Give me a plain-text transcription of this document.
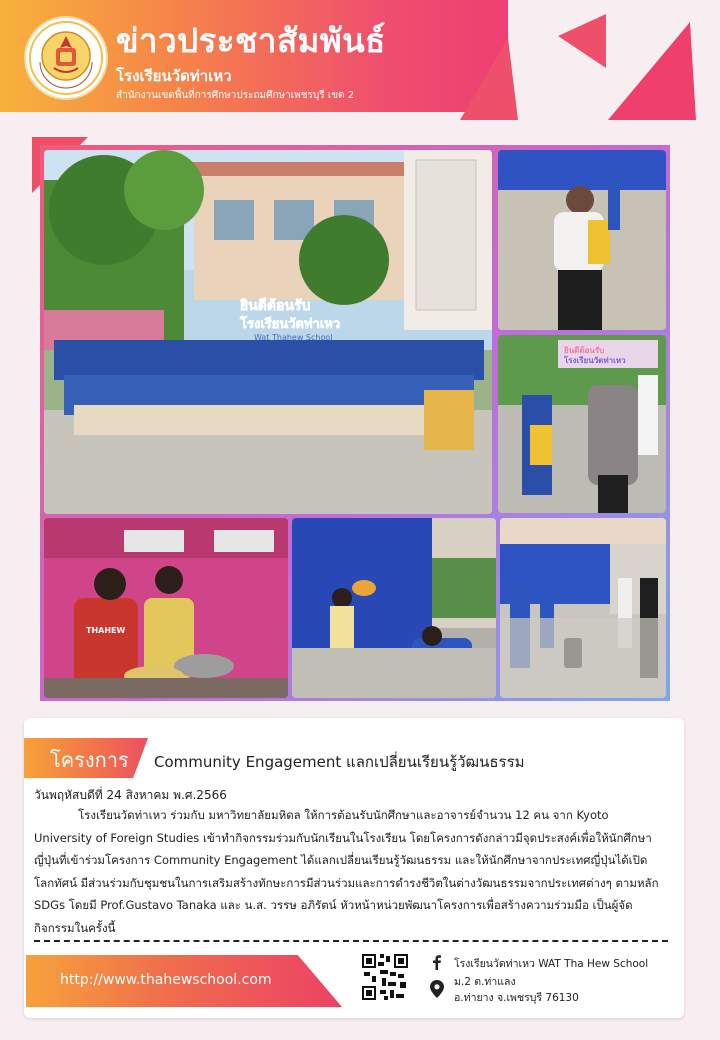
ข่าวประชาสัมพันธ์
โรงเรียนวัดท่าเหว
สำนักงานเขตพื้นที่การศึกษาประถมศึกษาเพชรบุรี เขต 2
ยินดีต้อนรับ
โรงเรียนวัดท่าเหว
Wat Thahew School
ยินดีต้อนรับ
โรงเรียนวัดท่าเหว
THAHEW
โครงการ Community Engagement แลกเปลี่ยนเรียนรู้วัฒนธรรม
วันพฤหัสบดีที่ 24 สิงหาคม พ.ศ.2566

โรงเรียนวัดท่าเหว ร่วมกับ มหาวิทยาลัยมหิดล ให้การต้อนรับนักศึกษาและอาจารย์จำนวน 12 คน จาก Kyoto University of Foreign Studies เข้าทำกิจกรรมร่วมกับนักเรียนในโรงเรียน โดยโครงการดังกล่าวมีจุดประสงค์เพื่อให้นักศึกษาญี่ปุ่นที่เข้าร่วมโครงการ Community Engagement ได้แลกเปลี่ยนเรียนรู้วัฒนธรรม และให้นักศึกษาจากประเทศญี่ปุ่นได้เปิดโลกทัศน์ มีส่วนร่วมกับชุมชนในการเสริมสร้างทักษะการมีส่วนร่วมและการดำรงชีวิตในต่างวัฒนธรรมจากประเทศต่างๆ ตามหลัก SDGs โดยมี Prof.Gustavo Tanaka และ น.ส. วรรษ อภิรัตน์ หัวหน้าหน่วยพัฒนาโครงการเพื่อสร้างความร่วมมือ เป็นผู้จัดกิจกรรมในครั้งนี้

http://www.thahewschool.com
โรงเรียนวัดท่าเหว WAT Tha Hew School
ม.2 ต.ท่าแลง
อ.ท่ายาง จ.เพชรบุรี 76130
